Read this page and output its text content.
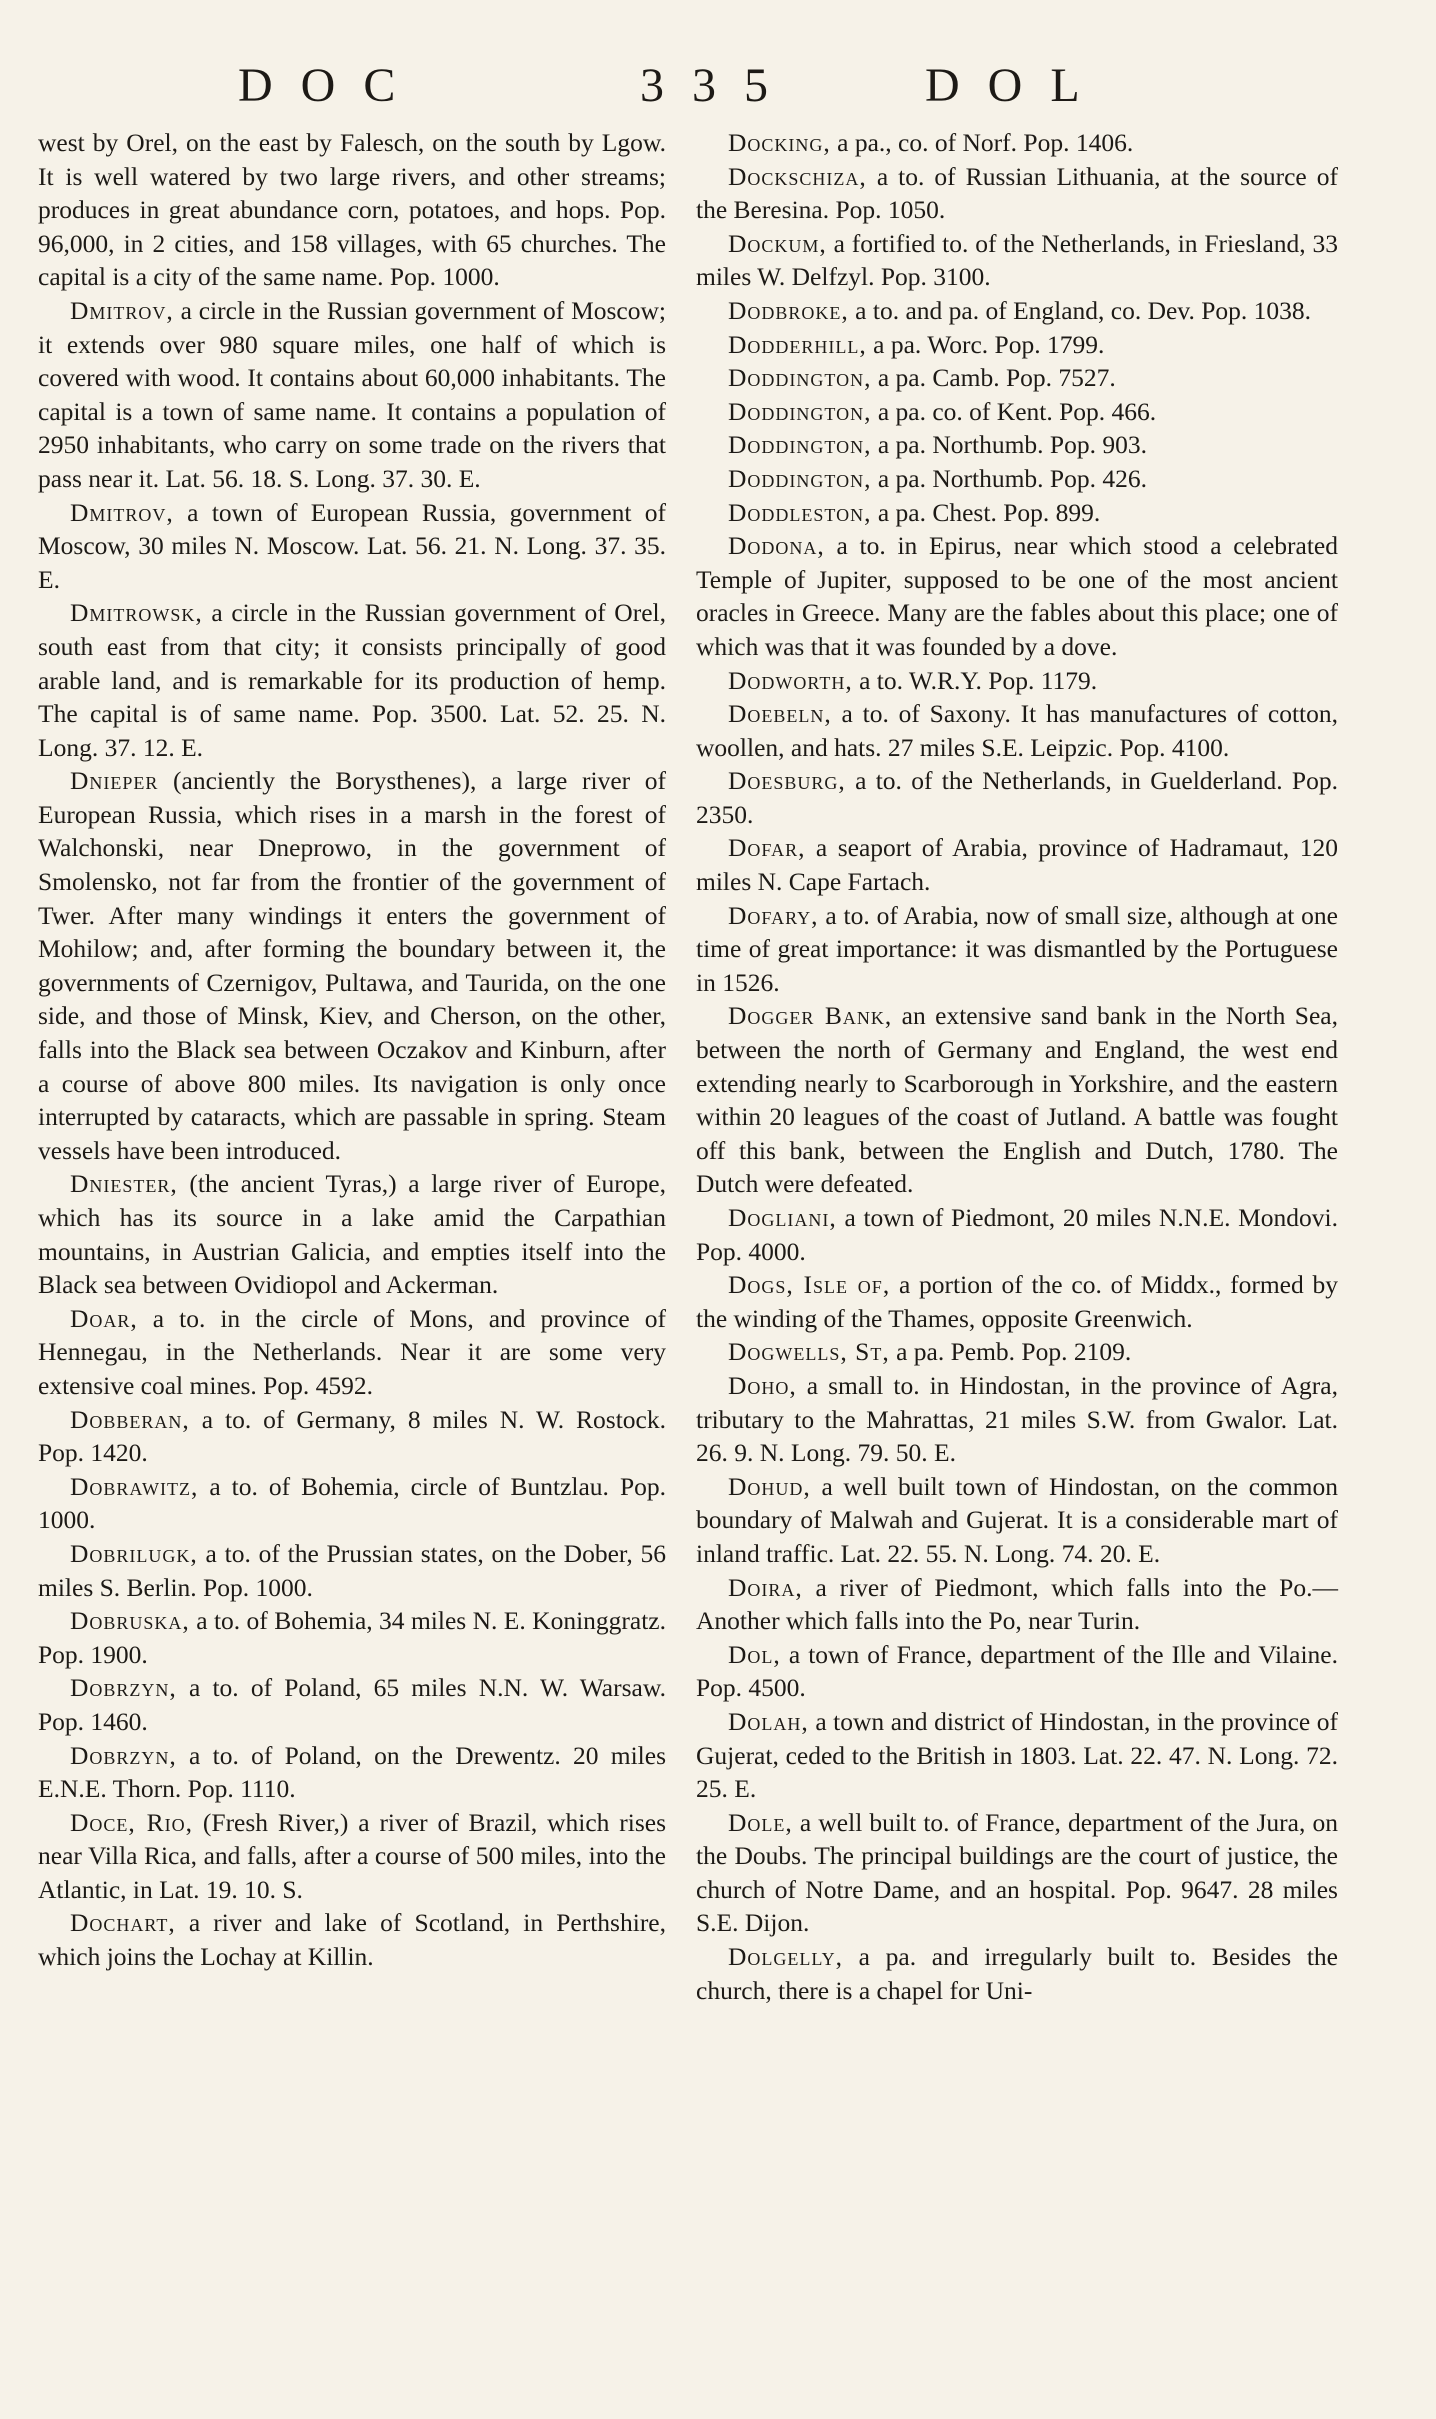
DOC	335	DOL

west by Orel, on the east by Falesch, on the south by Lgow. It is well watered by two large rivers, and other streams; produces in great abundance corn, potatoes, and hops. Pop. 96,000, in 2 cities, and 158 villages, with 65 churches. The capital is a city of the same name. Pop. 1000.

Dmitrov, a circle in the Russian government of Moscow; it extends over 980 square miles, one half of which is covered with wood. It contains about 60,000 inhabitants. The capital is a town of same name. It contains a population of 2950 inhabitants, who carry on some trade on the rivers that pass near it. Lat. 56. 18. S. Long. 37. 30. E.

Dmitrov, a town of European Russia, government of Moscow, 30 miles N. Moscow. Lat. 56. 21. N. Long. 37. 35. E.

Dmitrowsk, a circle in the Russian government of Orel, south east from that city; it consists principally of good arable land, and is remarkable for its production of hemp. The capital is of same name. Pop. 3500. Lat. 52. 25. N. Long. 37. 12. E.

Dnieper (anciently the Borysthenes), a large river of European Russia, which rises in a marsh in the forest of Walchonski, near Dneprowo, in the government of Smolensko, not far from the frontier of the government of Twer. After many windings it enters the government of Mohilow; and, after forming the boundary between it, the governments of Czernigov, Pultawa, and Taurida, on the one side, and those of Minsk, Kiev, and Cherson, on the other, falls into the Black sea between Oczakov and Kinburn, after a course of above 800 miles. Its navigation is only once interrupted by cataracts, which are passable in spring. Steam vessels have been introduced.

Dniester, (the ancient Tyras,) a large river of Europe, which has its source in a lake amid the Carpathian mountains, in Austrian Galicia, and empties itself into the Black sea between Ovidiopol and Ackerman.

Doar, a to. in the circle of Mons, and province of Hennegau, in the Netherlands. Near it are some very extensive coal mines. Pop. 4592.

Dobberan, a to. of Germany, 8 miles N. W. Rostock. Pop. 1420.

Dobrawitz, a to. of Bohemia, circle of Buntzlau. Pop. 1000.

Dobrilugk, a to. of the Prussian states, on the Dober, 56 miles S. Berlin. Pop. 1000.

Dobruska, a to. of Bohemia, 34 miles N. E. Koninggratz. Pop. 1900.

Dobrzyn, a to. of Poland, 65 miles N.N. W. Warsaw. Pop. 1460.

Dobrzyn, a to. of Poland, on the Drewentz. 20 miles E.N.E. Thorn. Pop. 1110.

Doce, Rio, (Fresh River,) a river of Brazil, which rises near Villa Rica, and falls, after a course of 500 miles, into the Atlantic, in Lat. 19. 10. S.

Dochart, a river and lake of Scotland, in Perthshire, which joins the Lochay at Killin.

Docking, a pa., co. of Norf. Pop. 1406.

Dockschiza, a to. of Russian Lithuania, at the source of the Beresina. Pop. 1050.

Dockum, a fortified to. of the Netherlands, in Friesland, 33 miles W. Delfzyl. Pop. 3100.

Dodbroke, a to. and pa. of England, co. Dev. Pop. 1038.

Dodderhill, a pa. Worc. Pop. 1799.

Doddington, a pa. Camb. Pop. 7527.

Doddington, a pa. co. of Kent. Pop. 466.

Doddington, a pa. Northumb. Pop. 903.

Doddington, a pa. Northumb. Pop. 426.

Doddleston, a pa. Chest. Pop. 899.

Dodona, a to. in Epirus, near which stood a celebrated Temple of Jupiter, supposed to be one of the most ancient oracles in Greece. Many are the fables about this place; one of which was that it was founded by a dove.

Dodworth, a to. W.R.Y. Pop. 1179.

Doebeln, a to. of Saxony. It has manufactures of cotton, woollen, and hats. 27 miles S.E. Leipzic. Pop. 4100.

Doesburg, a to. of the Netherlands, in Guelderland. Pop. 2350.

Dofar, a seaport of Arabia, province of Hadramaut, 120 miles N. Cape Fartach.

Dofary, a to. of Arabia, now of small size, although at one time of great importance: it was dismantled by the Portuguese in 1526.

Dogger Bank, an extensive sand bank in the North Sea, between the north of Germany and England, the west end extending nearly to Scarborough in Yorkshire, and the eastern within 20 leagues of the coast of Jutland. A battle was fought off this bank, between the English and Dutch, 1780. The Dutch were defeated.

Dogliani, a town of Piedmont, 20 miles N.N.E. Mondovi. Pop. 4000.

Dogs, Isle of, a portion of the co. of Middx., formed by the winding of the Thames, opposite Greenwich.

Dogwells, St, a pa. Pemb. Pop. 2109.

Doho, a small to. in Hindostan, in the province of Agra, tributary to the Mahrattas, 21 miles S.W. from Gwalor. Lat. 26. 9. N. Long. 79. 50. E.

Dohud, a well built town of Hindostan, on the common boundary of Malwah and Gujerat. It is a considerable mart of inland traffic. Lat. 22. 55. N. Long. 74. 20. E.

Doira, a river of Piedmont, which falls into the Po.—Another which falls into the Po, near Turin.

Dol, a town of France, department of the Ille and Vilaine. Pop. 4500.

Dolah, a town and district of Hindostan, in the province of Gujerat, ceded to the British in 1803. Lat. 22. 47. N. Long. 72. 25. E.

Dole, a well built to. of France, department of the Jura, on the Doubs. The principal buildings are the court of justice, the church of Notre Dame, and an hospital. Pop. 9647. 28 miles S.E. Dijon.

Dolgelly, a pa. and irregularly built to. Besides the church, there is a chapel for Uni-
